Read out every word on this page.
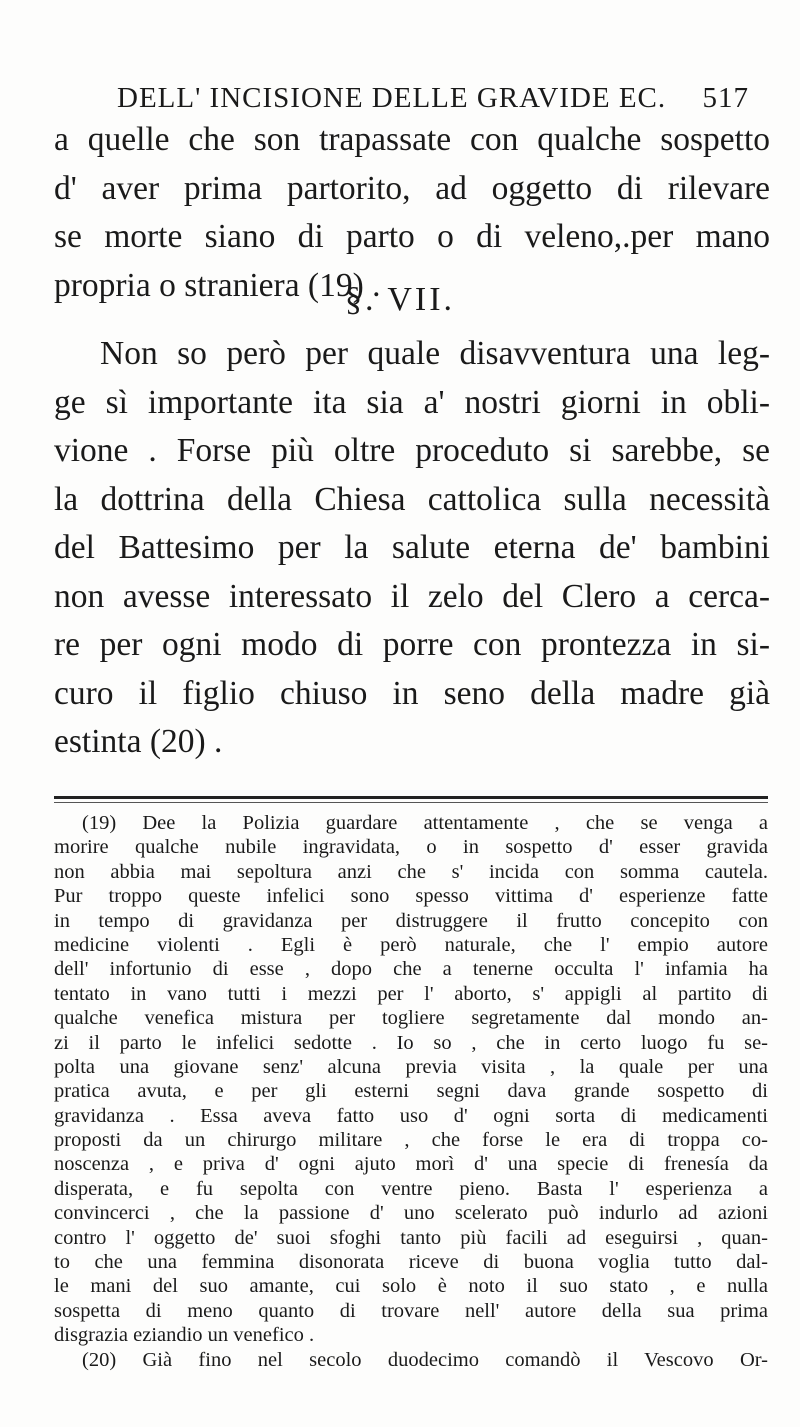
DELL' INCISIONE DELLE GRAVIDE EC. 517
a quelle che son trapassate con qualche sospetto
d' aver prima partorito, ad oggetto di rilevare
se morte siano di parto o di veleno,.per mano
propria o straniera (19) .
§. VII.
Non so però per quale disavventura una leg-
ge sì importante ita sia a' nostri giorni in obli-
vione . Forse più oltre proceduto si sarebbe, se
la dottrina della Chiesa cattolica sulla necessità
del Battesimo per la salute eterna de' bambini
non avesse interessato il zelo del Clero a cerca-
re per ogni modo di porre con prontezza in si-
curo il figlio chiuso in seno della madre già
estinta (20) .
(19) Dee la Polizia guardare attentamente , che se venga a
morire qualche nubile ingravidata, o in sospetto d' esser gravida
non abbia mai sepoltura anzi che s' incida con somma cautela.
Pur troppo queste infelici sono spesso vittima d' esperienze fatte
in tempo di gravidanza per distruggere il frutto concepito con
medicine violenti . Egli è però naturale, che l' empio autore
dell' infortunio di esse , dopo che a tenerne occulta l' infamia ha
tentato in vano tutti i mezzi per l' aborto, s' appigli al partito di
qualche venefica mistura per togliere segretamente dal mondo an-
zi il parto le infelici sedotte . Io so , che in certo luogo fu se-
polta una giovane senz' alcuna previa visita , la quale per una
pratica avuta, e per gli esterni segni dava grande sospetto di
gravidanza . Essa aveva fatto uso d' ogni sorta di medicamenti
proposti da un chirurgo militare , che forse le era di troppa co-
noscenza , e priva d' ogni ajuto morì d' una specie di frenesía da
disperata, e fu sepolta con ventre pieno. Basta l' esperienza a
convincerci , che la passione d' uno scelerato può indurlo ad azioni
contro l' oggetto de' suoi sfoghi tanto più facili ad eseguirsi , quan-
to che una femmina disonorata riceve di buona voglia tutto dal-
le mani del suo amante, cui solo è noto il suo stato , e nulla
sospetta di meno quanto di trovare nell' autore della sua prima
disgrazia eziandio un venefico .
(20) Già fino nel secolo duodecimo comandò il Vescovo Or-
